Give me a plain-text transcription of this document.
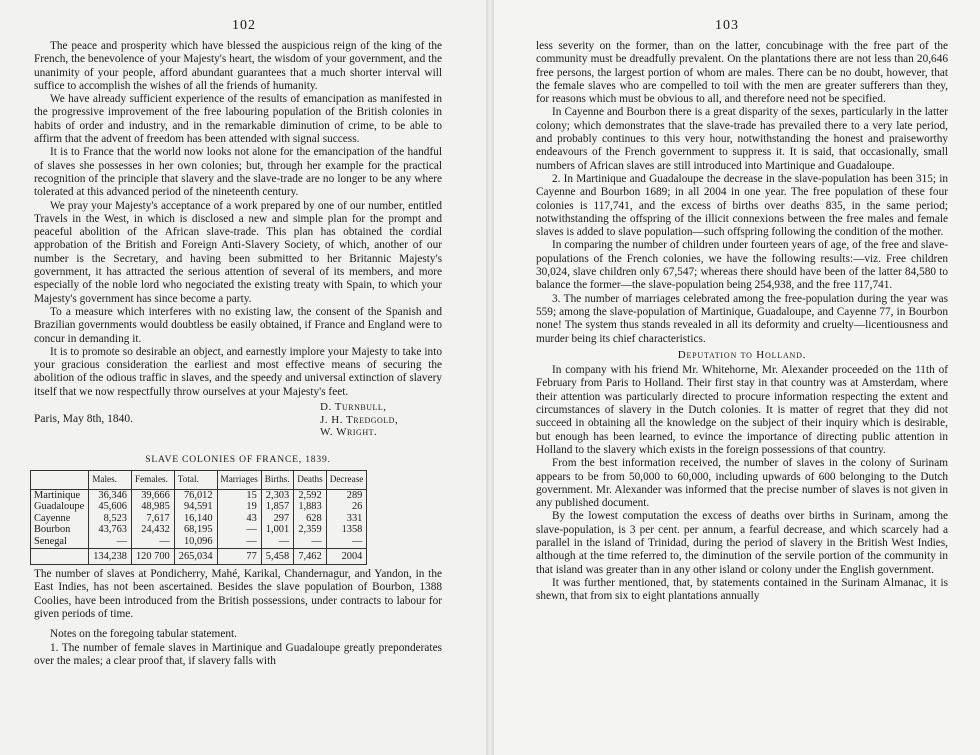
102

The peace and prosperity which have blessed the auspicious reign of the king of the French, the benevolence of your Majesty's heart, the wisdom of your government, and the unanimity of your people, afford abundant guarantees that a much shorter interval will suffice to accomplish the wishes of all the friends of humanity.

We have already sufficient experience of the results of emancipation as manifested in the progressive improvement of the free labouring population of the British colonies in habits of order and industry, and in the remarkable diminution of crime, to be able to affirm that the advent of freedom has been attended with signal success.

It is to France that the world now looks not alone for the emancipation of the handful of slaves she possesses in her own colonies; but, through her example for the practical recognition of the principle that slavery and the slave-trade are no longer to be any where tolerated at this advanced period of the nineteenth century.

We pray your Majesty's acceptance of a work prepared by one of our number, entitled Travels in the West, in which is disclosed a new and simple plan for the prompt and peaceful abolition of the African slave-trade. This plan has obtained the cordial approbation of the British and Foreign Anti-Slavery Society, of which, another of our number is the Secretary, and having been submitted to her Britannic Majesty's government, it has attracted the serious attention of several of its members, and more especially of the noble lord who negociated the existing treaty with Spain, to which your Majesty's government has since become a party.

To a measure which interferes with no existing law, the consent of the Spanish and Brazilian governments would doubtless be easily obtained, if France and England were to concur in demanding it.

It is to promote so desirable an object, and earnestly implore your Majesty to take into your gracious consideration the earliest and most effective means of securing the abolition of the odious traffic in slaves, and the speedy and universal extinction of slavery itself that we now respectfully throw ourselves at your Majesty's feet.

Paris, May 8th, 1840.
D. Turnbull,
J. H. Tredgold,
W. Wright.
SLAVE COLONIES OF FRANCE, 1839.
	Males.	Females.	Total.	Marriages	Births.	Deaths	Decrease
Martinique	36,346	39,666	76,012	15	2,303	2,592	289
Guadaloupe	45,606	48,985	94,591	19	1,857	1,883	26
Cayenne	8,523	7,617	16,140	43	297	628	331
Bourbon	43,763	24,432	68,195	—	1,001	2,359	1358
Senegal	—	—	10,096	—	—	—	—
	134,238	120 700	265,034	77	5,458	7,462	2004

The number of slaves at Pondicherry, Mahé, Karikal, Chandernagur, and Yandon, in the East Indies, has not been ascertained. Besides the slave population of Bourbon, 1388 Coolies, have been introduced from the British possessions, under contracts to labour for given periods of time.

Notes on the foregoing tabular statement.

1. The number of female slaves in Martinique and Guadaloupe greatly preponderates over the males; a clear proof that, if slavery falls with

103

less severity on the former, than on the latter, concubinage with the free part of the community must be dreadfully prevalent. On the plantations there are not less than 20,646 free persons, the largest portion of whom are males. There can be no doubt, however, that the female slaves who are compelled to toil with the men are greater sufferers than they, for reasons which must be obvious to all, and therefore need not be specified.

In Cayenne and Bourbon there is a great disparity of the sexes, particularly in the latter colony; which demonstrates that the slave-trade has prevailed there to a very late period, and probably continues to this very hour, notwithstanding the honest and praiseworthy endeavours of the French government to suppress it. It is said, that occasionally, small numbers of African slaves are still introduced into Martinique and Guadaloupe.

2. In Martinique and Guadaloupe the decrease in the slave-population has been 315; in Cayenne and Bourbon 1689; in all 2004 in one year. The free population of these four colonies is 117,741, and the excess of births over deaths 835, in the same period; notwithstanding the offspring of the illicit connexions between the free males and female slaves is added to slave population—such offspring following the condition of the mother.

In comparing the number of children under fourteen years of age, of the free and slave-populations of the French colonies, we have the following results:—viz. Free children 30,024, slave children only 67,547; whereas there should have been of the latter 84,580 to balance the former—the slave-population being 254,938, and the free 117,741.

3. The number of marriages celebrated among the free-population during the year was 559; among the slave-population of Martinique, Guadaloupe, and Cayenne 77, in Bourbon none! The system thus stands revealed in all its deformity and cruelty—licentiousness and murder being its chief characteristics.

Deputation to Holland.

In company with his friend Mr. Whitehorne, Mr. Alexander proceeded on the 11th of February from Paris to Holland. Their first stay in that country was at Amsterdam, where their attention was particularly directed to procure information respecting the extent and circumstances of slavery in the Dutch colonies. It is matter of regret that they did not succeed in obtaining all the knowledge on the subject of their inquiry which is desirable, but enough has been learned, to evince the importance of directing public attention in Holland to the slavery which exists in the foreign possessions of that country.

From the best information received, the number of slaves in the colony of Surinam appears to be from 50,000 to 60,000, including upwards of 600 belonging to the Dutch government. Mr. Alexander was informed that the precise number of slaves is not given in any published document.

By the lowest computation the excess of deaths over births in Surinam, among the slave-population, is 3 per cent. per annum, a fearful decrease, and which scarcely had a parallel in the island of Trinidad, during the period of slavery in the British West Indies, although at the time referred to, the diminution of the servile portion of the community in that island was greater than in any other island or colony under the English government.

It was further mentioned, that, by statements contained in the Surinam Almanac, it is shewn, that from six to eight plantations annually
